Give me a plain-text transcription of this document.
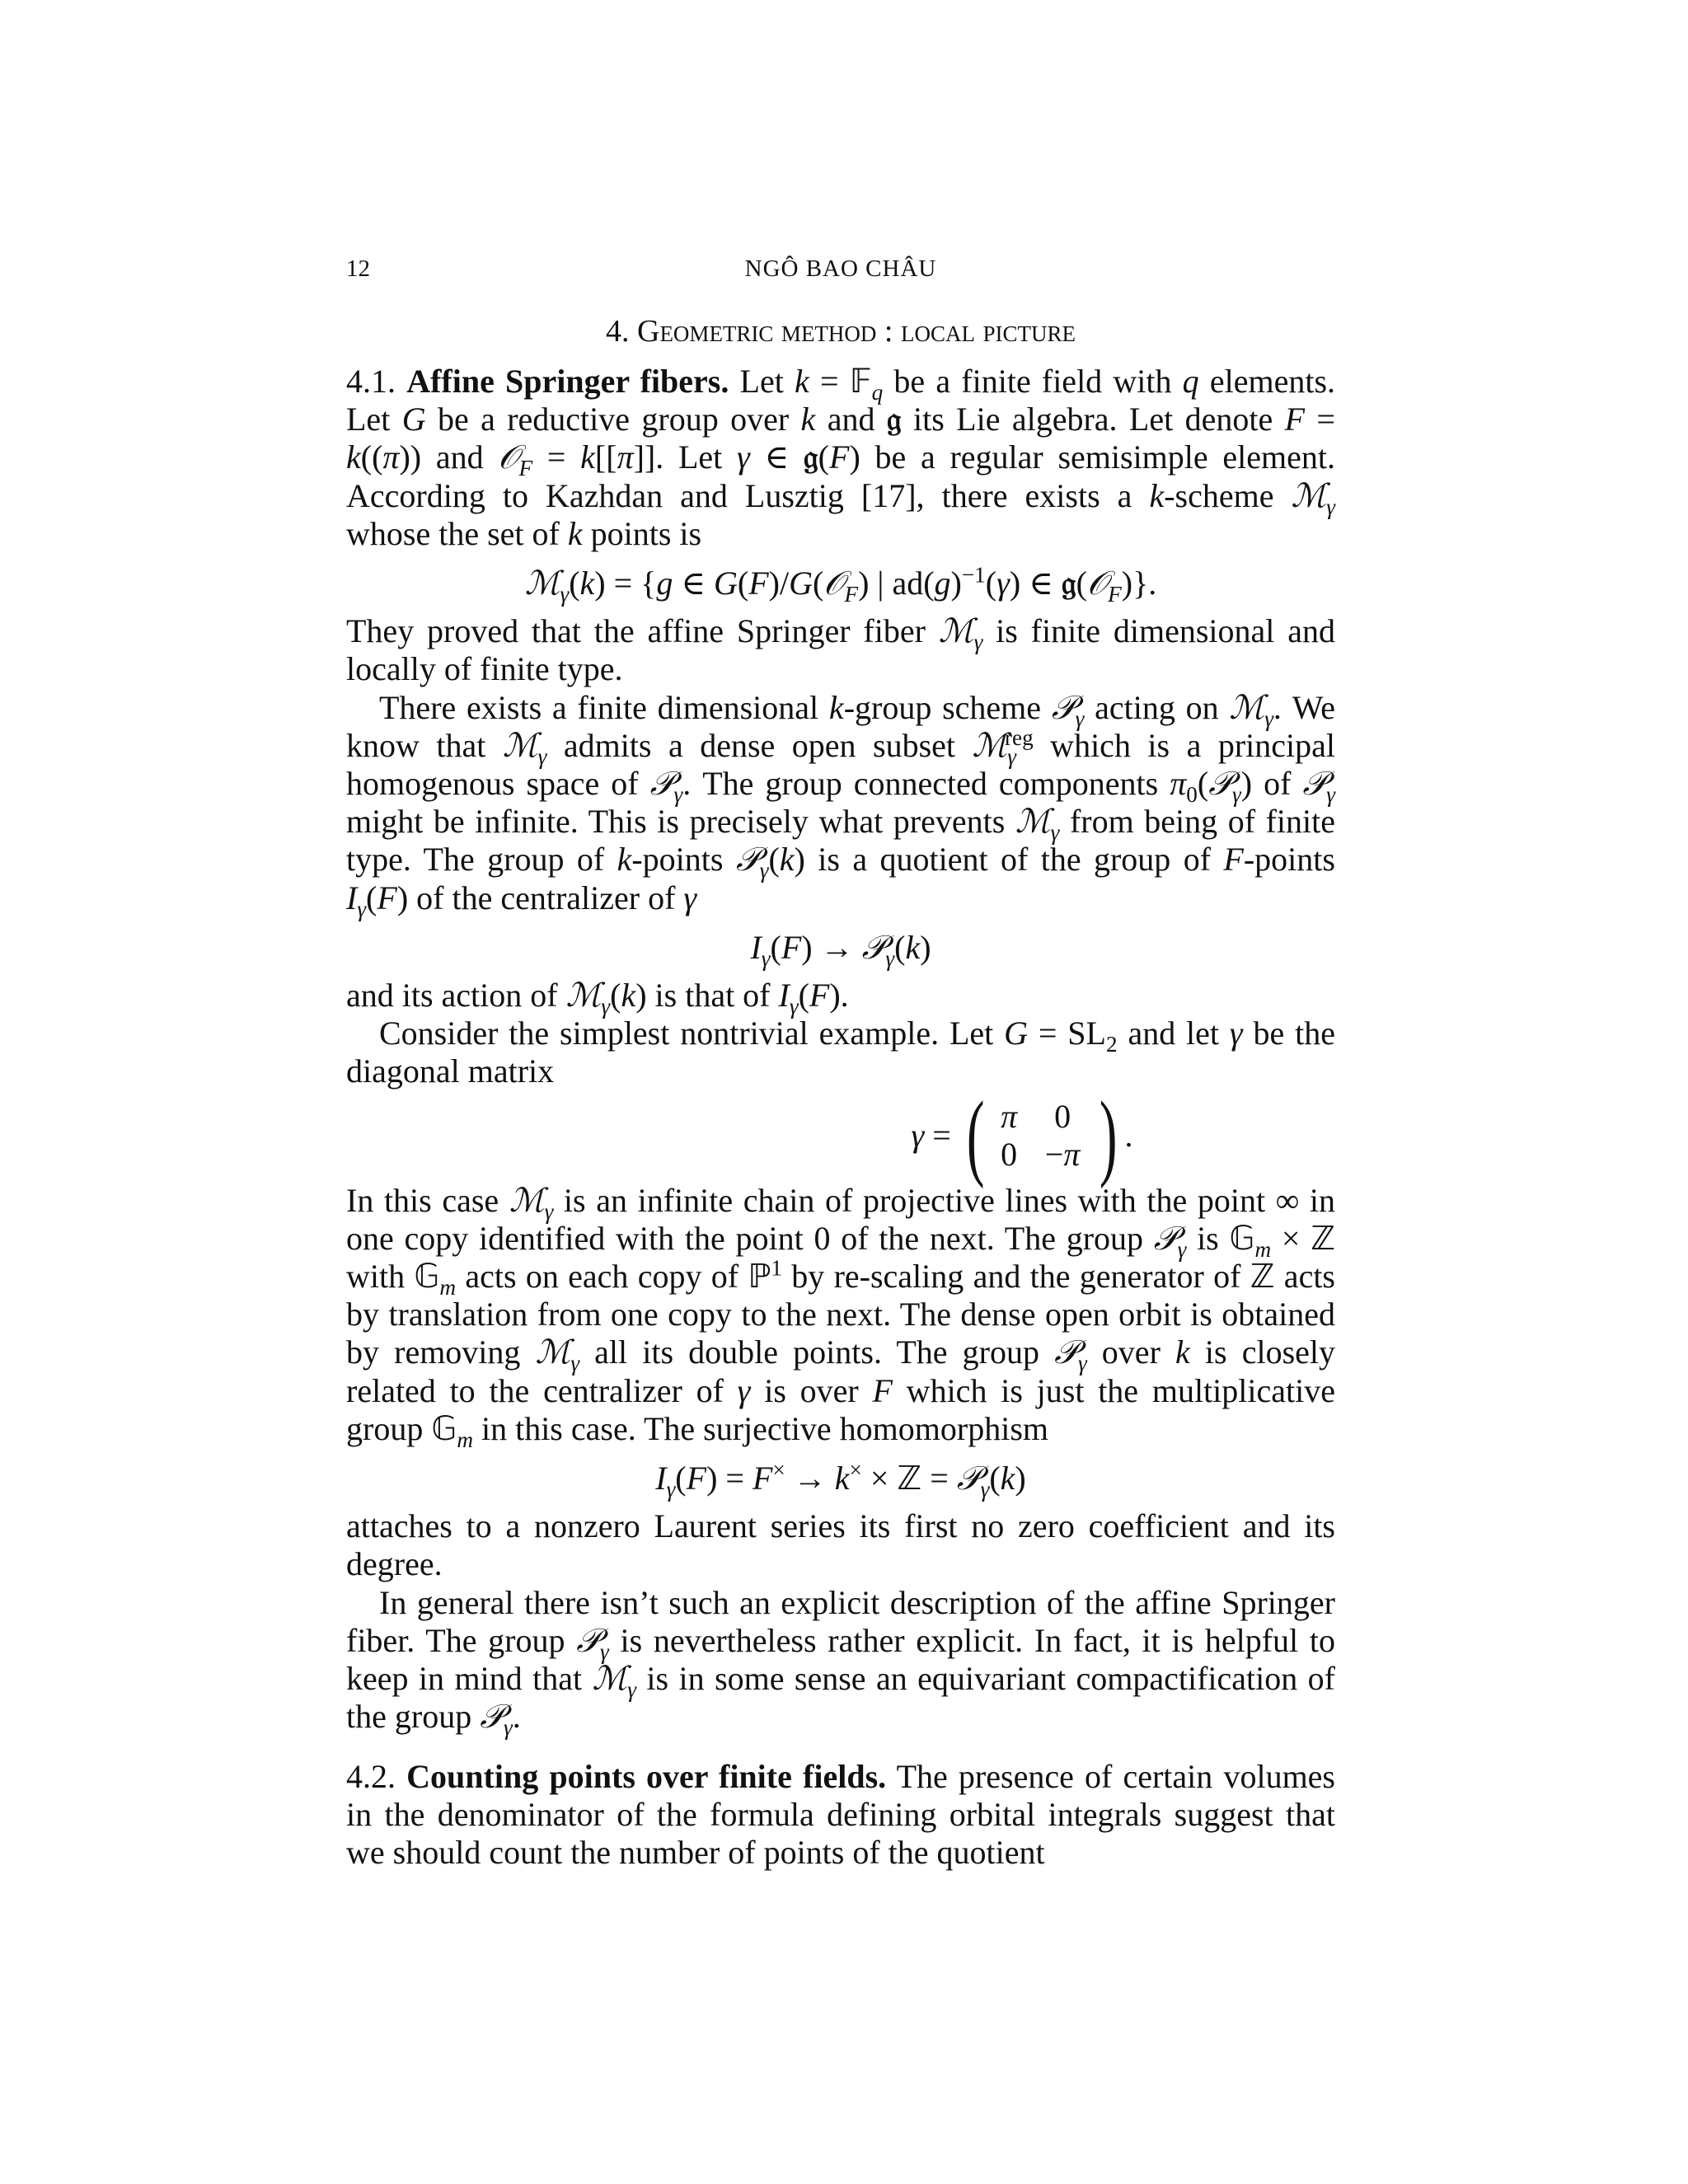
12	NGÔ BAO CHÂU
4. Geometric method : local picture

4.1. Affine Springer fibers. Let k = 𝔽$_q$ be a finite field with q elements. Let G be a reductive group over k and 𝔤 its Lie algebra. Let denote F = k((π)) and 𝒪$_F$ = k[[π]]. Let γ ∈ 𝔤(F) be a regular semisimple element. According to Kazhdan and Lusztig [17], there exists a k-scheme ℳ$_\gamma$ whose the set of k points is

ℳ$_\gamma$(k) = {g ∈ G(F)/G(𝒪$_F$) | $ad(g)^{-1}(\gamma)$ ∈ 𝔤(𝒪$_F$)}.

They proved that the affine Springer fiber ℳ$_\gamma$ is finite dimensional and locally of finite type.

There exists a finite dimensional k-group scheme 𝒫$_\gamma$ acting on ℳ$_\gamma$. We know that ℳ$_\gamma$ admits a dense open subset ℳ$_\gamma^{reg}$ which is a principal homogenous space of 𝒫$_\gamma$. The group connected components $\pi_0(𝒫_\gamma)$ of 𝒫$_\gamma$ might be infinite. This is precisely what prevents ℳ$_\gamma$ from being of finite type. The group of k-points 𝒫$_\gamma$(k) is a quotient of the group of F-points $I_\gamma(F)$ of the centralizer of γ

$I_\gamma(F)$ → 𝒫$_\gamma$(k)

and its action of ℳ$_\gamma$(k) is that of $I_\gamma(F)$.

Consider the simplest nontrivial example. Let $G = SL_2$ and let γ be the diagonal matrix

γ = ( π	0
0 −π ) .

In this case ℳ$_\gamma$ is an infinite chain of projective lines with the point ∞ in one copy identified with the point 0 of the next. The group 𝒫$_\gamma$ is 𝔾$_m$ × ℤ with 𝔾$_m$ acts on each copy of ℙ$^1$ by re-scaling and the generator of ℤ acts by translation from one copy to the next. The dense open orbit is obtained by removing ℳ$_\gamma$ all its double points. The group 𝒫$_\gamma$ over k is closely related to the centralizer of γ is over F which is just the multiplicative group 𝔾$_m$ in this case. The surjective homomorphism

$I_\gamma(F) = F^\times \to k^\times$ × ℤ = 𝒫$_\gamma$(k)

attaches to a nonzero Laurent series its first no zero coefficient and its degree.

In general there isn’t such an explicit description of the affine Springer fiber. The group 𝒫$_\gamma$ is nevertheless rather explicit. In fact, it is helpful to keep in mind that ℳ$_\gamma$ is in some sense an equivariant compactification of the group 𝒫$_\gamma$.

4.2. Counting points over finite fields. The presence of certain volumes in the denominator of the formula defining orbital integrals suggest that we should count the number of points of the quotient
